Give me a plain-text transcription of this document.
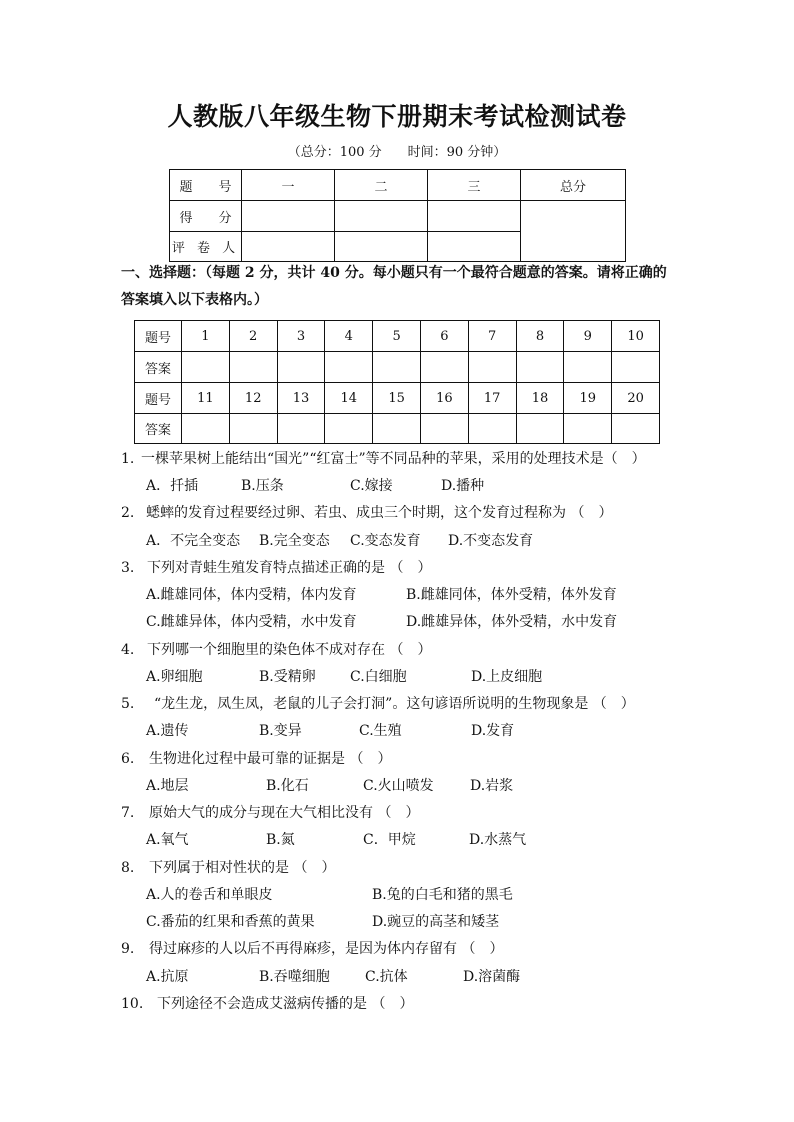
人教版八年级生物下册期末考试检测试卷
（总分：100 分　　时间：90 分钟）
题　　号	一	二	三	总分
得　　分				
评 卷 人				
一、选择题：（每题 2 分，共计 40 分。每小题只有一个最符合题意的答案。请将正确的
答案填入以下表格内。）
题号	1	2	3	4	5	6	7	8	9	10
答案										
题号	11	12	13	14	15	16	17	18	19	20
答案										
1. 一棵苹果树上能结出“国光”“红富士”等不同品种的苹果，采用的处理技术是（　）
A．扦插	B.压条	C.嫁接	D.播种
2. 蟋蟀的发育过程要经过卵、若虫、成虫三个时期，这个发育过程称为 （　）
A．不完全变态 B.完全变态 C.变态发育 D.不变态发育
3. 下列对青蛙生殖发育特点描述正确的是 （　）
A.雌雄同体，体内受精，体内发育	B.雌雄同体，体外受精，体外发育
C.雌雄异体，体内受精，水中发育	D.雌雄异体，体外受精，水中发育
4. 下列哪一个细胞里的染色体不成对存在 （　）
A.卵细胞	B.受精卵 C.白细胞	D.上皮细胞
5. “龙生龙，凤生凤，老鼠的儿子会打洞”。这句谚语所说明的生物现象是 （　）
A.遗传	B.变异	C.生殖	D.发育
6. 生物进化过程中最可靠的证据是 （　）
A.地层	B.化石	C.火山喷发	D.岩浆
7. 原始大气的成分与现在大气相比没有 （　）
A.氧气	B.氮	C．甲烷	D.水蒸气
8. 下列属于相对性状的是 （　）
A.人的卷舌和单眼皮	B.兔的白毛和猪的黑毛
C.番茄的红果和香蕉的黄果	D.豌豆的高茎和矮茎
9. 得过麻疹的人以后不再得麻疹，是因为体内存留有 （　）
A.抗原	B.吞噬细胞	C.抗体	D.溶菌酶
10. 下列途径不会造成艾滋病传播的是 （　）
